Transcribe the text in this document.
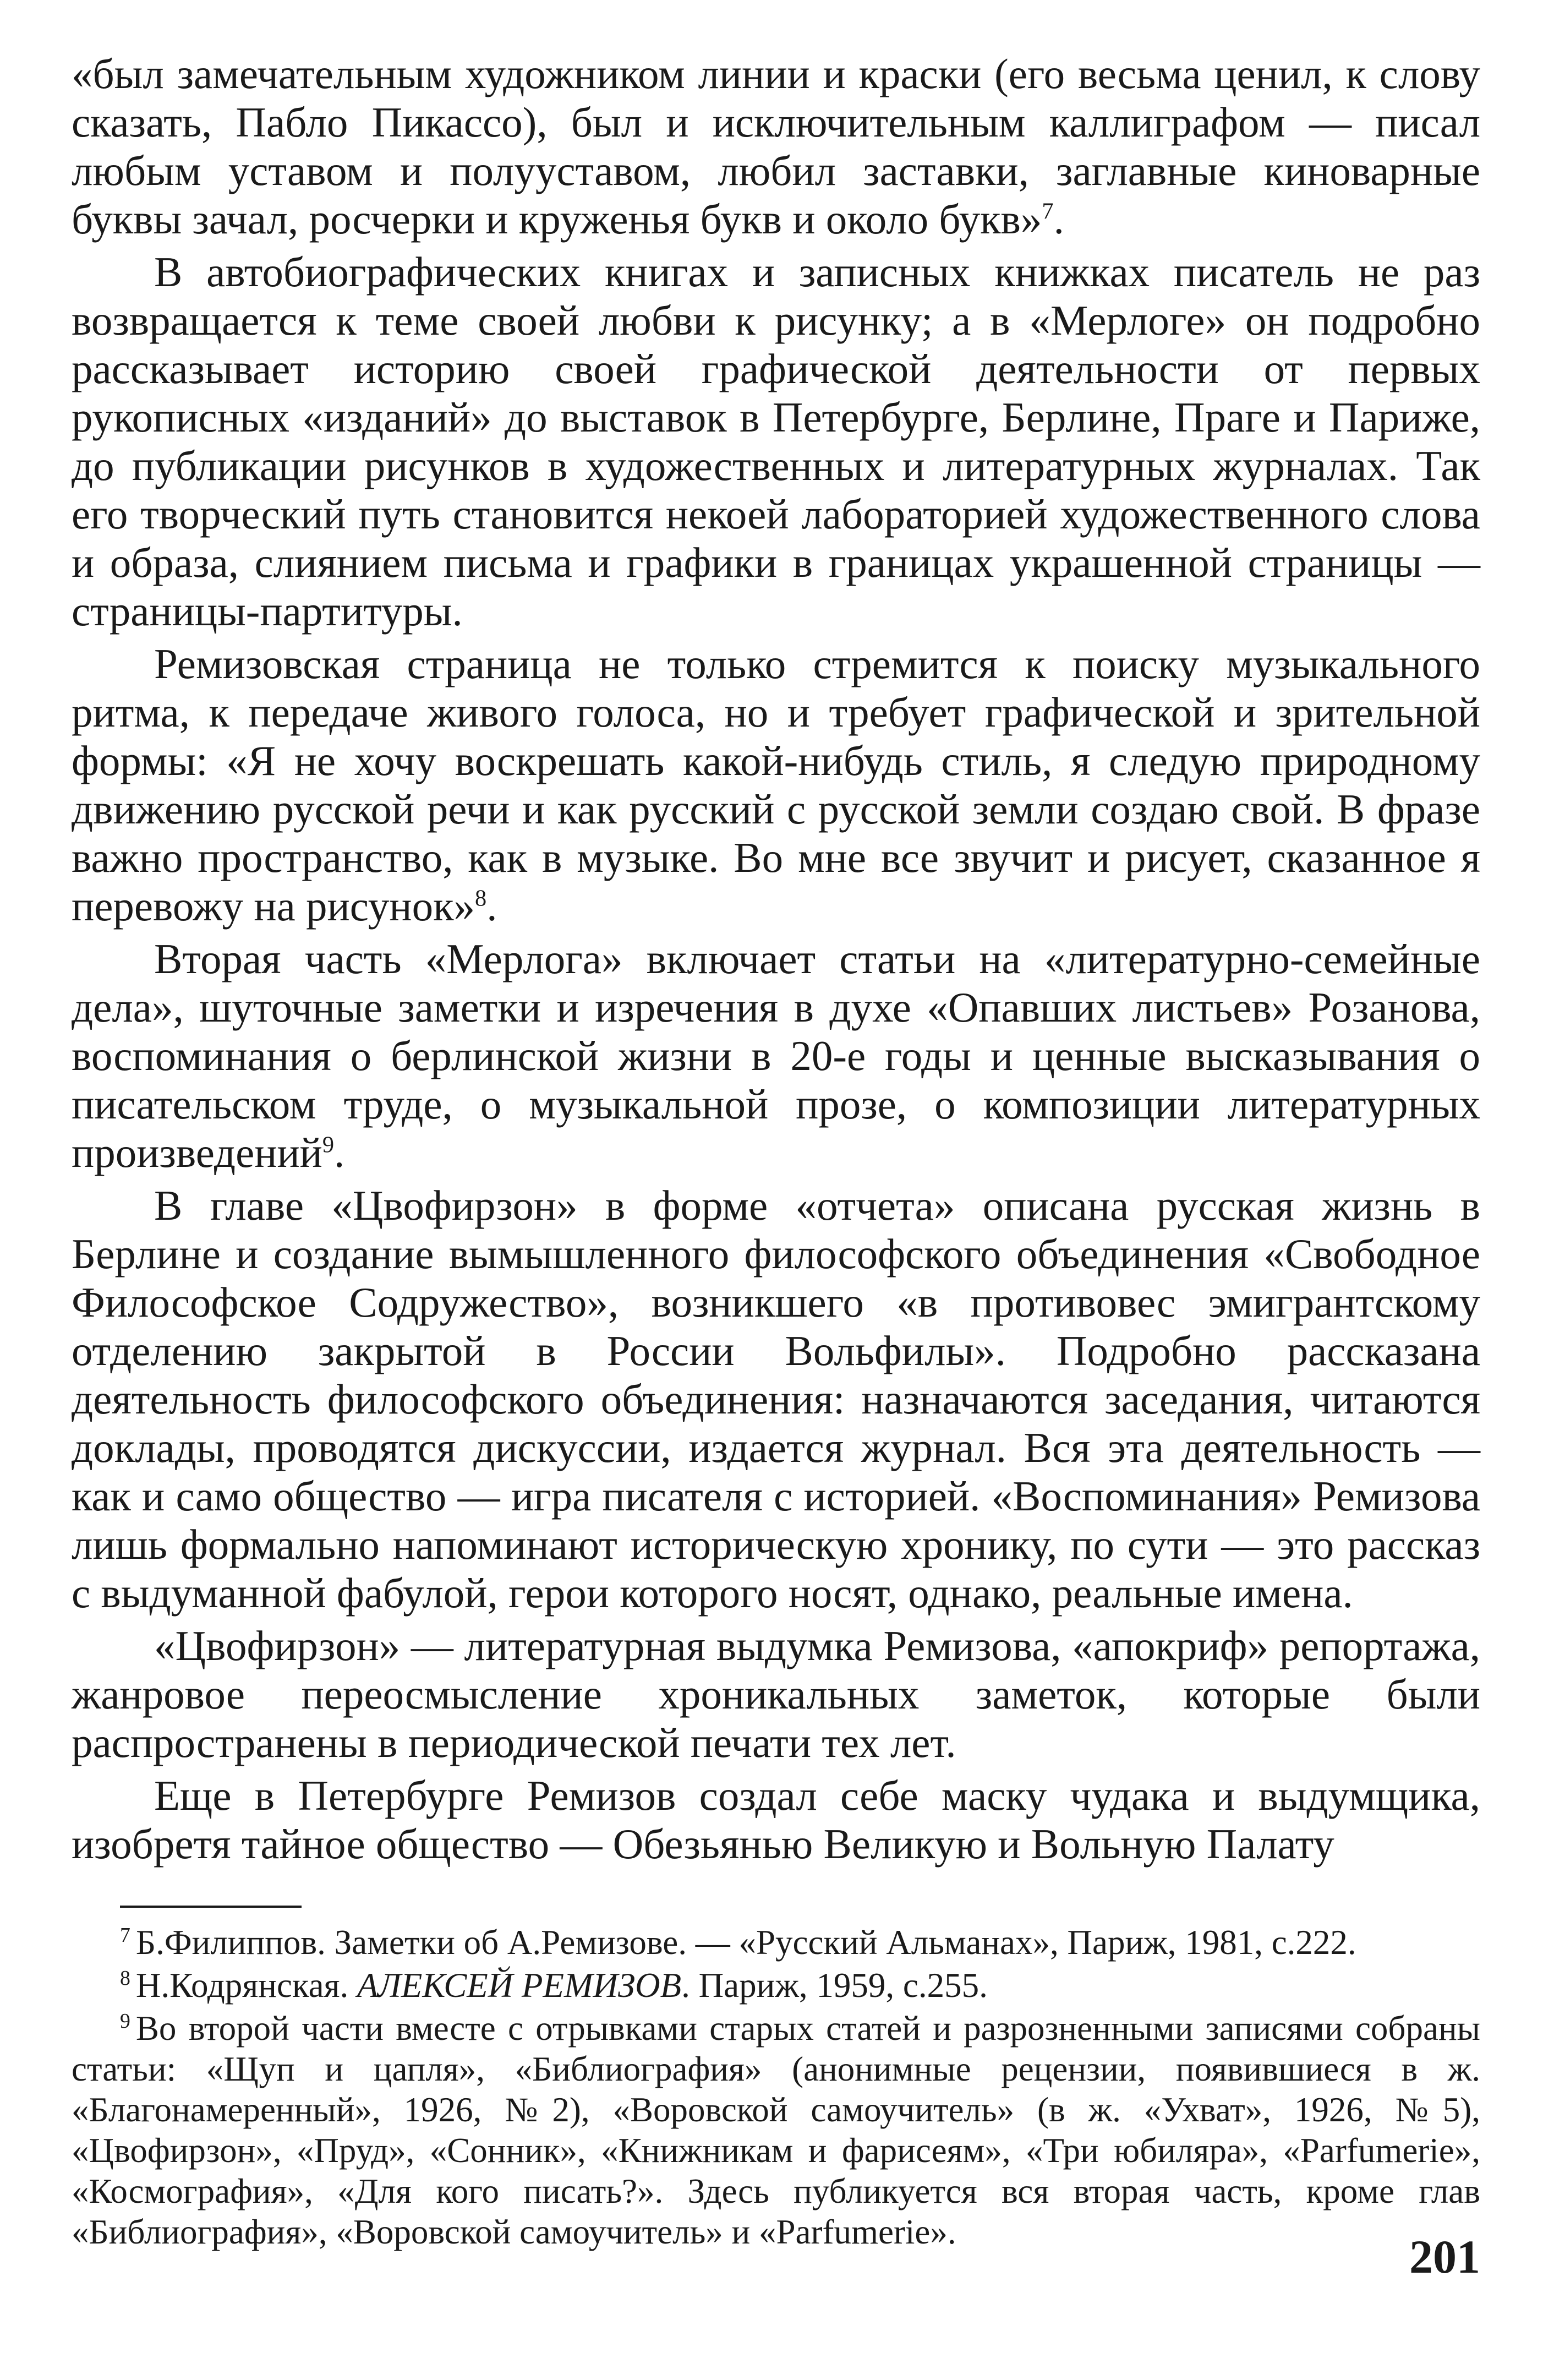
«был замечательным художником линии и краски (его весьма ценил, к слову сказать, Пабло Пикассо), был и исключительным каллиграфом — писал любым уставом и полууставом, любил заставки, заглавные киноварные буквы зачал, росчерки и круженья букв и около букв»$^7$.

В автобиографических книгах и записных книжках писатель не раз возвращается к теме своей любви к рисунку; а в «Мерлоге» он подробно рассказывает историю своей графической деятельности от первых рукописных «изданий» до выставок в Петербурге, Берлине, Праге и Париже, до публикации рисунков в художественных и литературных журналах. Так его творческий путь становится некоей лабораторией художественного слова и образа, слиянием письма и графики в границах украшенной страницы — страницы-партитуры.

Ремизовская страница не только стремится к поиску музыкального ритма, к передаче живого голоса, но и требует графической и зрительной формы: «Я не хочу воскрешать какой-нибудь стиль, я следую природному движению русской речи и как русский с русской земли создаю свой. В фразе важно пространство, как в музыке. Во мне все звучит и рисует, сказанное я перевожу на рисунок»$^8$.

Вторая часть «Мерлога» включает статьи на «литературно-семейные дела», шуточные заметки и изречения в духе «Опавших листьев» Розанова, воспоминания о берлинской жизни в 20-е годы и ценные высказывания о писательском труде, о музыкальной прозе, о композиции литературных произведений$^9$.

В главе «Цвофирзон» в форме «отчета» описана русская жизнь в Берлине и создание вымышленного философского объединения «Свободное Философское Содружество», возникшего «в противовес эмигрантскому отделению закрытой в России Вольфилы». Подробно рассказана деятельность философского объединения: назначаются заседания, читаются доклады, проводятся дискуссии, издается журнал. Вся эта деятельность — как и само общество — игра писателя с историей. «Воспоминания» Ремизова лишь формально напоминают историческую хронику, по сути — это рассказ с выдуманной фабулой, герои которого носят, однако, реальные имена.

«Цвофирзон» — литературная выдумка Ремизова, «апокриф» репортажа, жанровое переосмысление хроникальных заметок, которые были распространены в периодической печати тех лет.

Еще в Петербурге Ремизов создал себе маску чудака и выдумщика, изобретя тайное общество — Обезьянью Великую и Вольную Палату

$^7$ Б.Филиппов. Заметки об А.Ремизове. — «Русский Альманах», Париж, 1981, с.222.

$^8$ Н.Кодрянская. АЛЕКСЕЙ РЕМИЗОВ. Париж, 1959, с.255.

$^9$ Во второй части вместе с отрывками старых статей и разрозненными записями собраны статьи: «Щуп и цапля», «Библиография» (анонимные рецензии, появившиеся в ж. «Благонамеренный», 1926, №2), «Воровской самоучитель» (в ж. «Ухват», 1926, №5), «Цвофирзон», «Пруд», «Сонник», «Книжникам и фарисеям», «Три юбиляра», «Parfumerie», «Космография», «Для кого писать?». Здесь публикуется вся вторая часть, кроме глав «Библиография», «Воровской самоучитель» и «Parfumerie».	201
